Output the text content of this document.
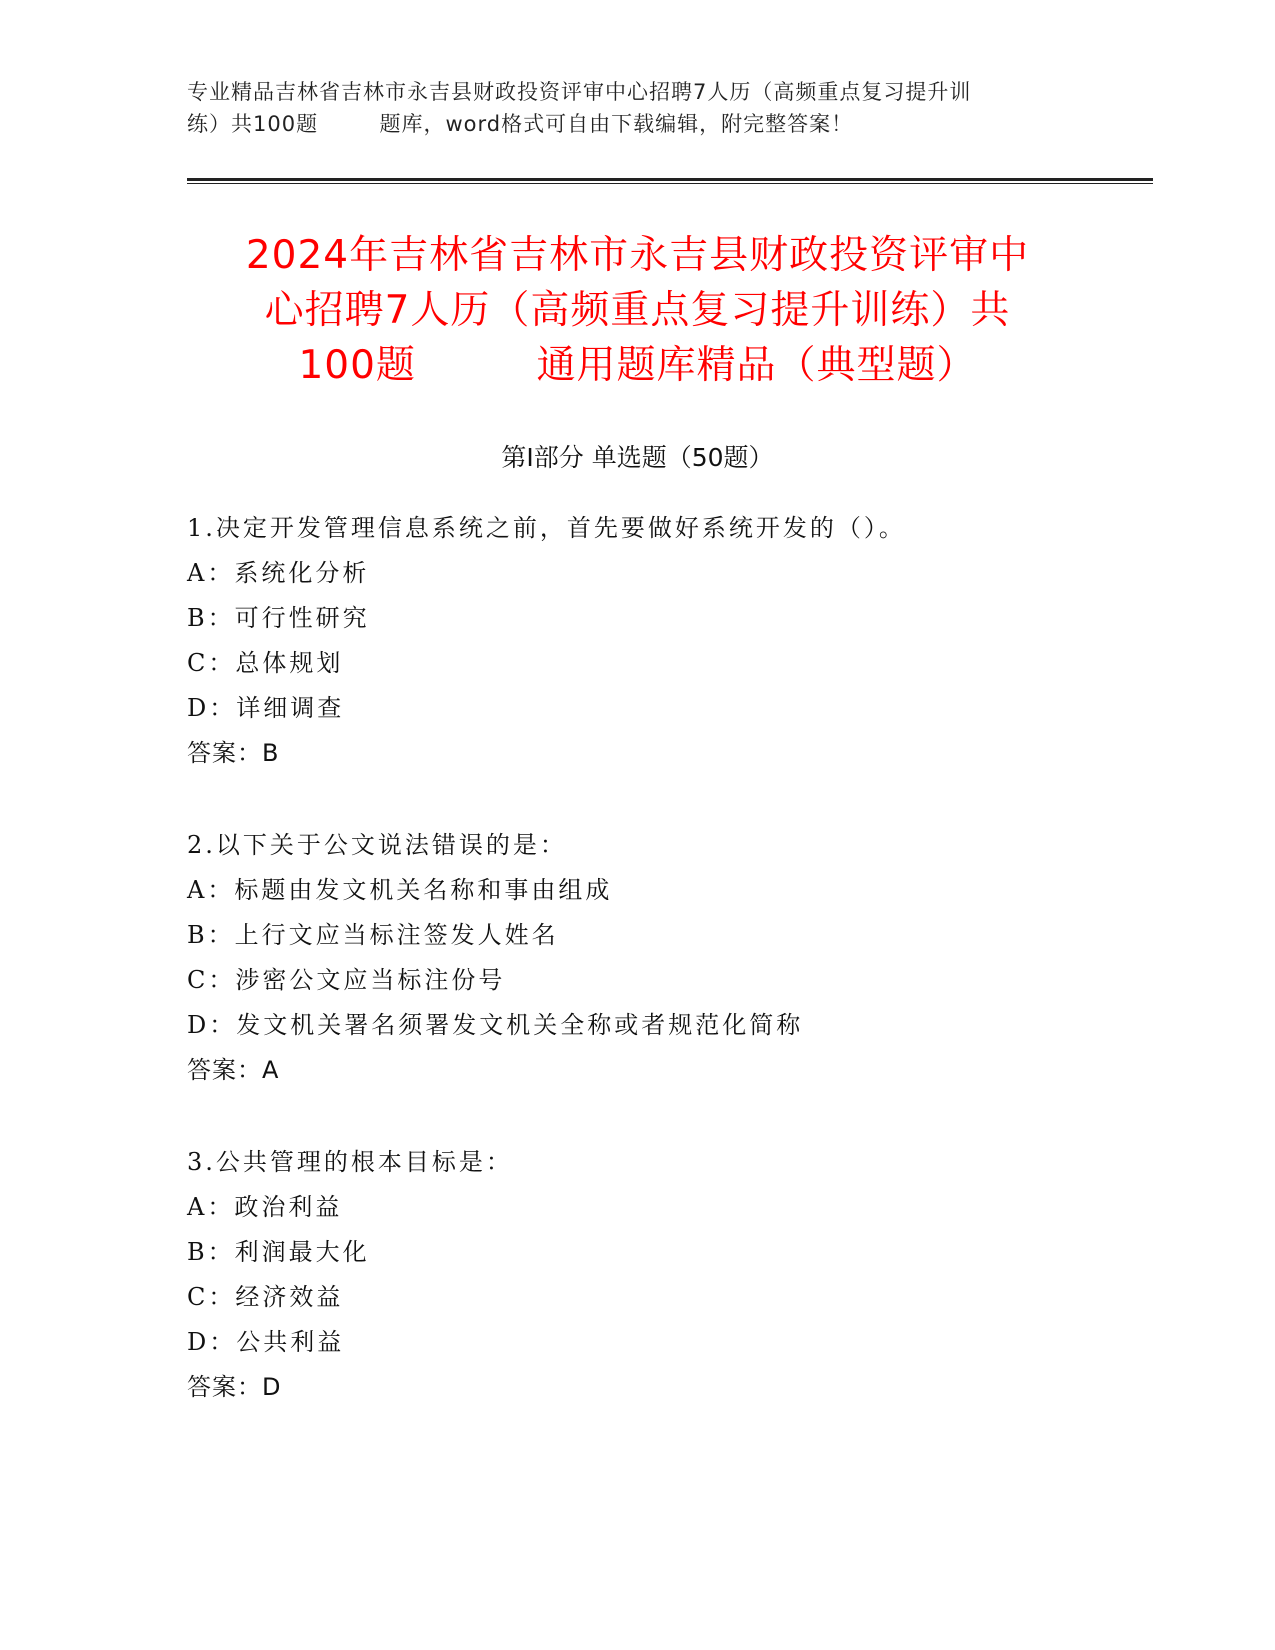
专业精品吉林省吉林市永吉县财政投资评审中心招聘7人历（高频重点复习提升训
练）共100题        题库，word格式可自由下载编辑，附完整答案！
2024年吉林省吉林市永吉县财政投资评审中
心招聘7人历（高频重点复习提升训练）共
100题         通用题库精品（典型题）
第Ⅰ部分 单选题（50题）
1.决定开发管理信息系统之前，首先要做好系统开发的（）。
A：系统化分析
B：可行性研究
C：总体规划
D：详细调查
答案：B
2.以下关于公文说法错误的是：
A：标题由发文机关名称和事由组成
B：上行文应当标注签发人姓名
C：涉密公文应当标注份号
D：发文机关署名须署发文机关全称或者规范化简称
答案：A
3.公共管理的根本目标是：
A：政治利益
B：利润最大化
C：经济效益
D：公共利益
答案：D
